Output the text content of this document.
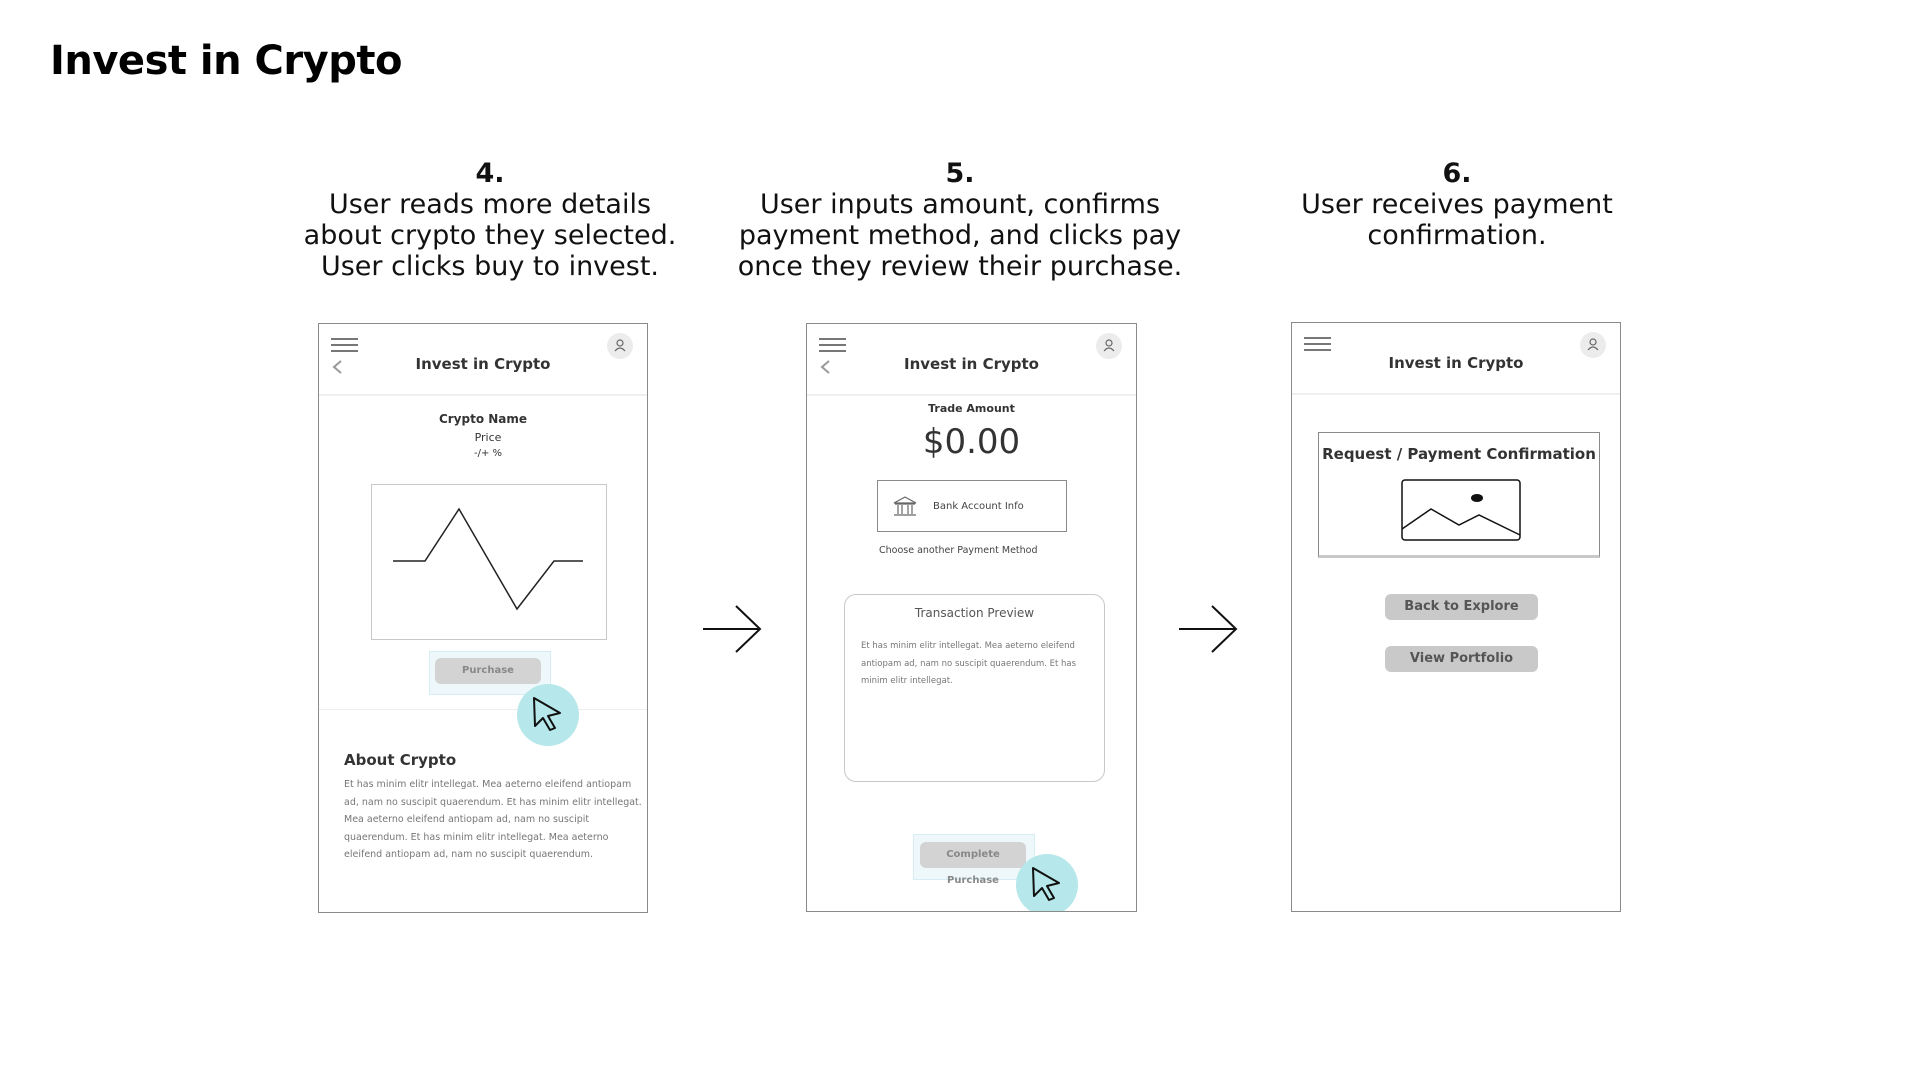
Invest in Crypto
4.
User reads more details
about crypto they selected.
User clicks buy to invest.
5.
User inputs amount, confirms
payment method, and clicks pay
once they review their purchase.
6.
User receives payment
confirmation.
Invest in Crypto
Crypto Name
Price
-/+ %
Purchase
About Crypto
Et has minim elitr intellegat. Mea aeterno eleifend antiopam
ad, nam no suscipit quaerendum. Et has minim elitr intellegat.
Mea aeterno eleifend antiopam ad, nam no suscipit
quaerendum. Et has minim elitr intellegat. Mea aeterno
eleifend antiopam ad, nam no suscipit quaerendum.
Invest in Crypto
Trade Amount
$0.00
Bank Account Info
Choose another Payment Method
Transaction Preview
Et has minim elitr intellegat. Mea aeterno eleifend
antiopam ad, nam no suscipit quaerendum. Et has
minim elitr intellegat.
Complete Purchase
Invest in Crypto
Request / Payment Confirmation
Back to Explore
View Portfolio
